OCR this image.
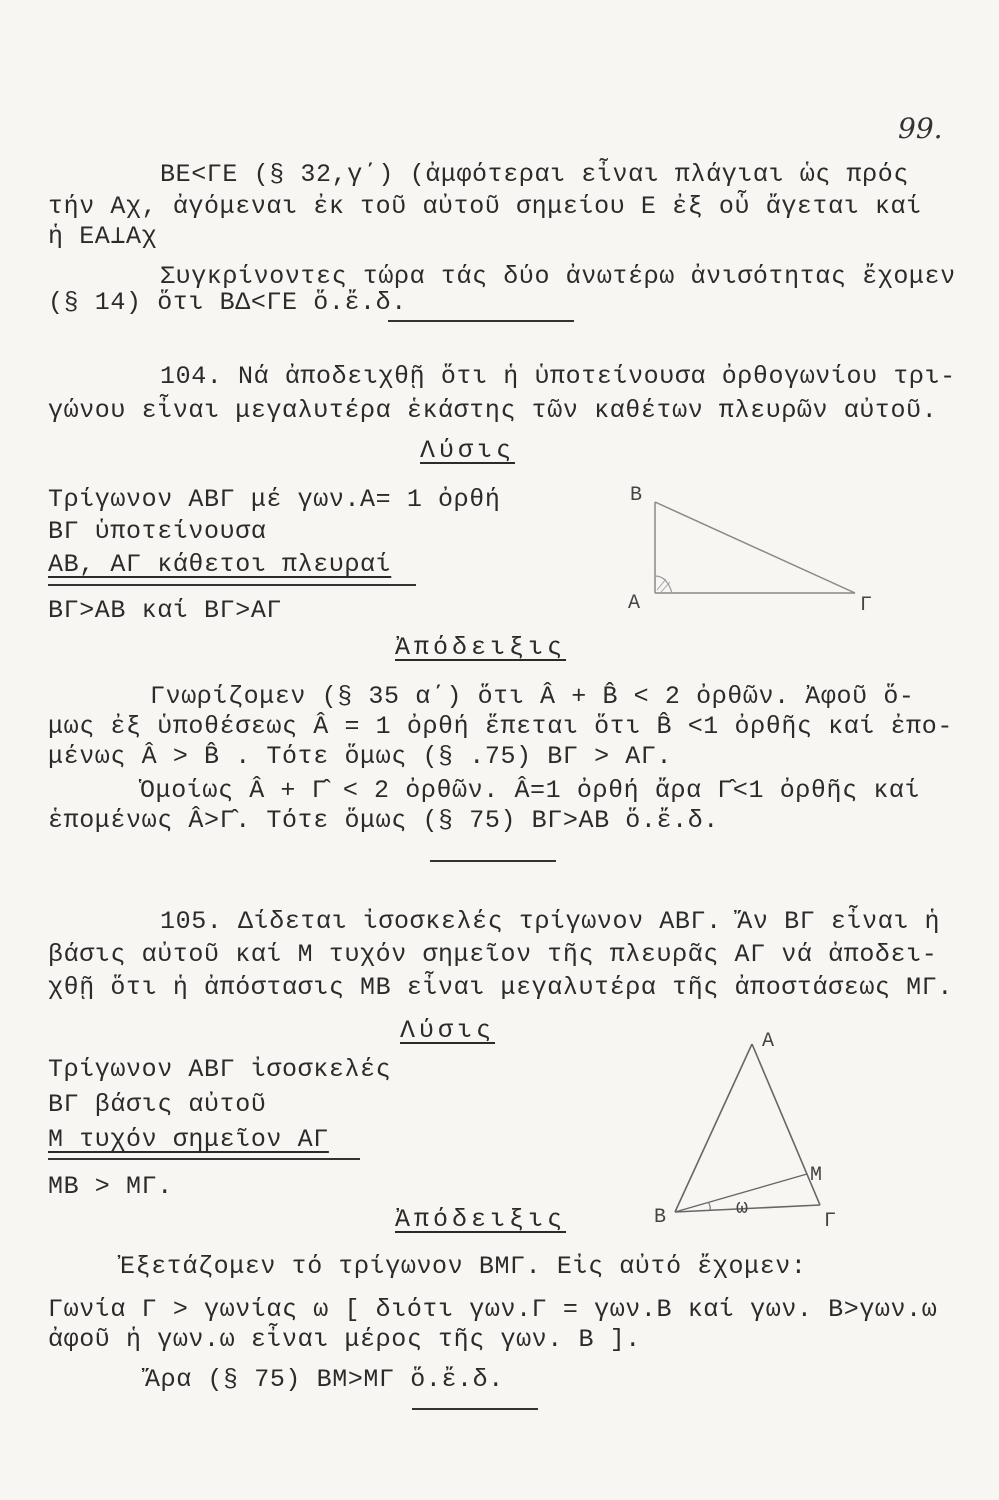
99.
ΒΕ<ΓΕ (§ 32,γ΄) (ἀμφότεραι εἶναι πλάγιαι ὡς πρός
τήν Αχ, ἀγόμεναι ἐκ τοῦ αὐτοῦ σημείου Ε ἐξ οὗ ἄγεται καί
ἡ ΕΑ⊥Αχ
Συγκρίνοντες τώρα τάς δύο ἀνωτέρω ἀνισότητας ἔχομεν
(§ 14) ὅτι ΒΔ<ΓΕ ὅ.ἔ.δ.
104. Νά ἀποδειχθῇ ὅτι ἡ ὑποτείνουσα ὀρθογωνίου τρι-
γώνου εἶναι μεγαλυτέρα ἑκάστης τῶν καθέτων πλευρῶν αὐτοῦ.
Λύσις
Τρίγωνον ΑΒΓ μέ γων.Α= 1 ὀρθή
ΒΓ ὑποτείνουσα
ΑΒ, ΑΓ κάθετοι πλευραί
ΒΓ>ΑΒ καί ΒΓ>ΑΓ
Β
Α	Γ
Ἀπόδειξις
Γνωρίζομεν (§ 35 α΄) ὅτι Â + B̂ < 2 ὀρθῶν. Ἀφοῦ ὅ-
μως ἐξ ὑποθέσεως Â = 1 ὀρθή ἕπεται ὅτι B̂ <1 ὀρθῆς καί ἐπο-
μένως Â > B̂ . Τότε ὅμως (§ .75) ΒΓ > ΑΓ.
Ὁμοίως Â + Γ̂ < 2 ὀρθῶν. Â=1 ὀρθή ἄρα Γ̂<1 ὀρθῆς καί
ἑπομένως Â>Γ̂. Τότε ὅμως (§ 75) ΒΓ>ΑΒ ὅ.ἔ.δ.
105. Δίδεται ἰσοσκελές τρίγωνον ΑΒΓ. Ἄν ΒΓ εἶναι ἡ
βάσις αὐτοῦ καί Μ τυχόν σημεῖον τῆς πλευρᾶς ΑΓ νά ἀποδει-
χθῇ ὅτι ἡ ἀπόστασις ΜΒ εἶναι μεγαλυτέρα τῆς ἀποστάσεως ΜΓ.
Λύσις
Τρίγωνον ΑΒΓ ἰσοσκελές
ΒΓ βάσις αὐτοῦ
Μ τυχόν σημεῖον ΑΓ
ΜΒ > ΜΓ.
Α
Μ
Β	Γ
ω
Ἀπόδειξις
Ἐξετάζομεν τό τρίγωνον ΒΜΓ. Εἰς αὐτό ἔχομεν:
Γωνία Γ > γωνίας ω [ διότι γων.Γ = γων.Β καί γων. Β>γων.ω
ἀφοῦ ἡ γων.ω εἶναι μέρος τῆς γων. Β ].
Ἄρα (§ 75) ΒΜ>ΜΓ ὅ.ἔ.δ.
